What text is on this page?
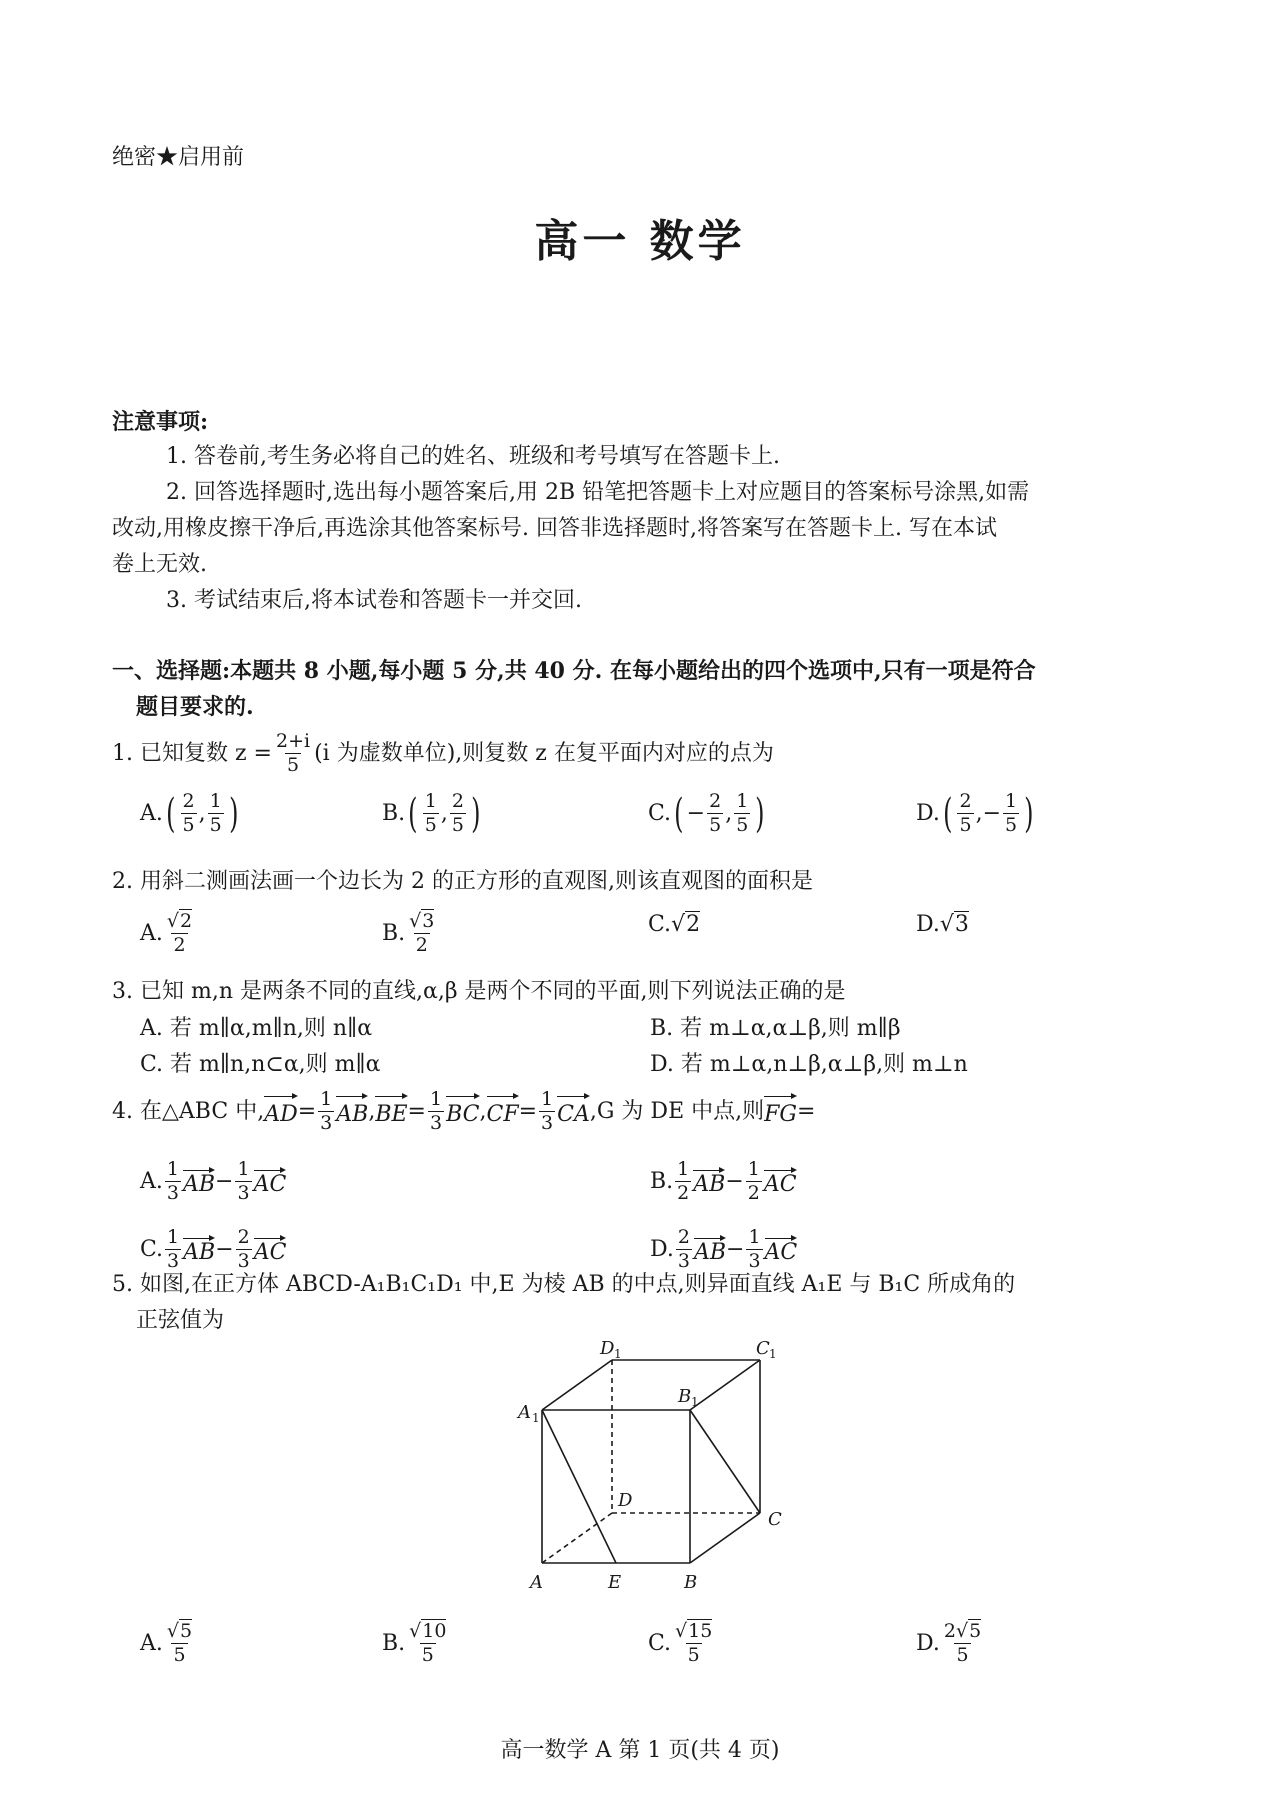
绝密★启用前
高一 数学
注意事项:
1. 答卷前,考生务必将自己的姓名、班级和考号填写在答题卡上.
2. 回答选择题时,选出每小题答案后,用 2B 铅笔把答题卡上对应题目的答案标号涂黑,如需
改动,用橡皮擦干净后,再选涂其他答案标号. 回答非选择题时,将答案写在答题卡上. 写在本试
卷上无效.
3. 考试结束后,将本试卷和答题卡一并交回.
一、选择题:本题共 8 小题,每小题 5 分,共 40 分. 在每小题给出的四个选项中,只有一项是符合
题目要求的.
1. 已知复数 $z = \frac{2+i}{5} (i$ 为虚数单位),则复数 z 在复平面内对应的点为
A. ( $\frac{2}{5}$ , $\frac{1}{5}$ )	B. ( $\frac{1}{5}$ , $\frac{2}{5}$ )	C. ( − $\frac{2}{5}$ , $\frac{1}{5}$ )	D. ( $\frac{2}{5}$ , − $\frac{1}{5}$ )
2. 用斜二测画法画一个边长为 2 的正方形的直观图,则该直观图的面积是
A. $\frac{√2}{2}$	B. $\frac{√3}{2}$	C. √2	D. √3
3. 已知 m,n 是两条不同的直线,α,β 是两个不同的平面,则下列说法正确的是
A. 若 m∥α,m∥n,则 n∥α	B. 若 m⊥α,α⊥β,则 m∥β
C. 若 m∥n,n⊂α,则 m∥α	D. 若 m⊥α,n⊥β,α⊥β,则 m⊥n
4. 在△ABC 中, AD = $\frac{1}{3}$ AB , BE = $\frac{1}{3}$ BC , CF = $\frac{1}{3}$ CA ,G 为 DE 中点,则 FG =
A. $\frac{1}{3}$ AB − $\frac{1}{3}$ AC	B. $\frac{1}{2}$ AB − $\frac{1}{2}$ AC
C. $\frac{1}{3}$ AB − $\frac{2}{3}$ AC	D. $\frac{2}{3}$ AB − $\frac{1}{3}$ AC
5. 如图,在正方体 ABCD-A₁B₁C₁D₁ 中,E 为棱 AB 的中点,则异面直线 A₁E 与 B₁C 所成角的
正弦值为
A	E	B
C
D
A 1
B 1
D 1	C 1
A. $\frac{√5}{5}$	B. $\frac{√10}{5}$	C. $\frac{√15}{5}$	D. $\frac{2√5}{5}$
高一数学 A 第 1 页(共 4 页)
